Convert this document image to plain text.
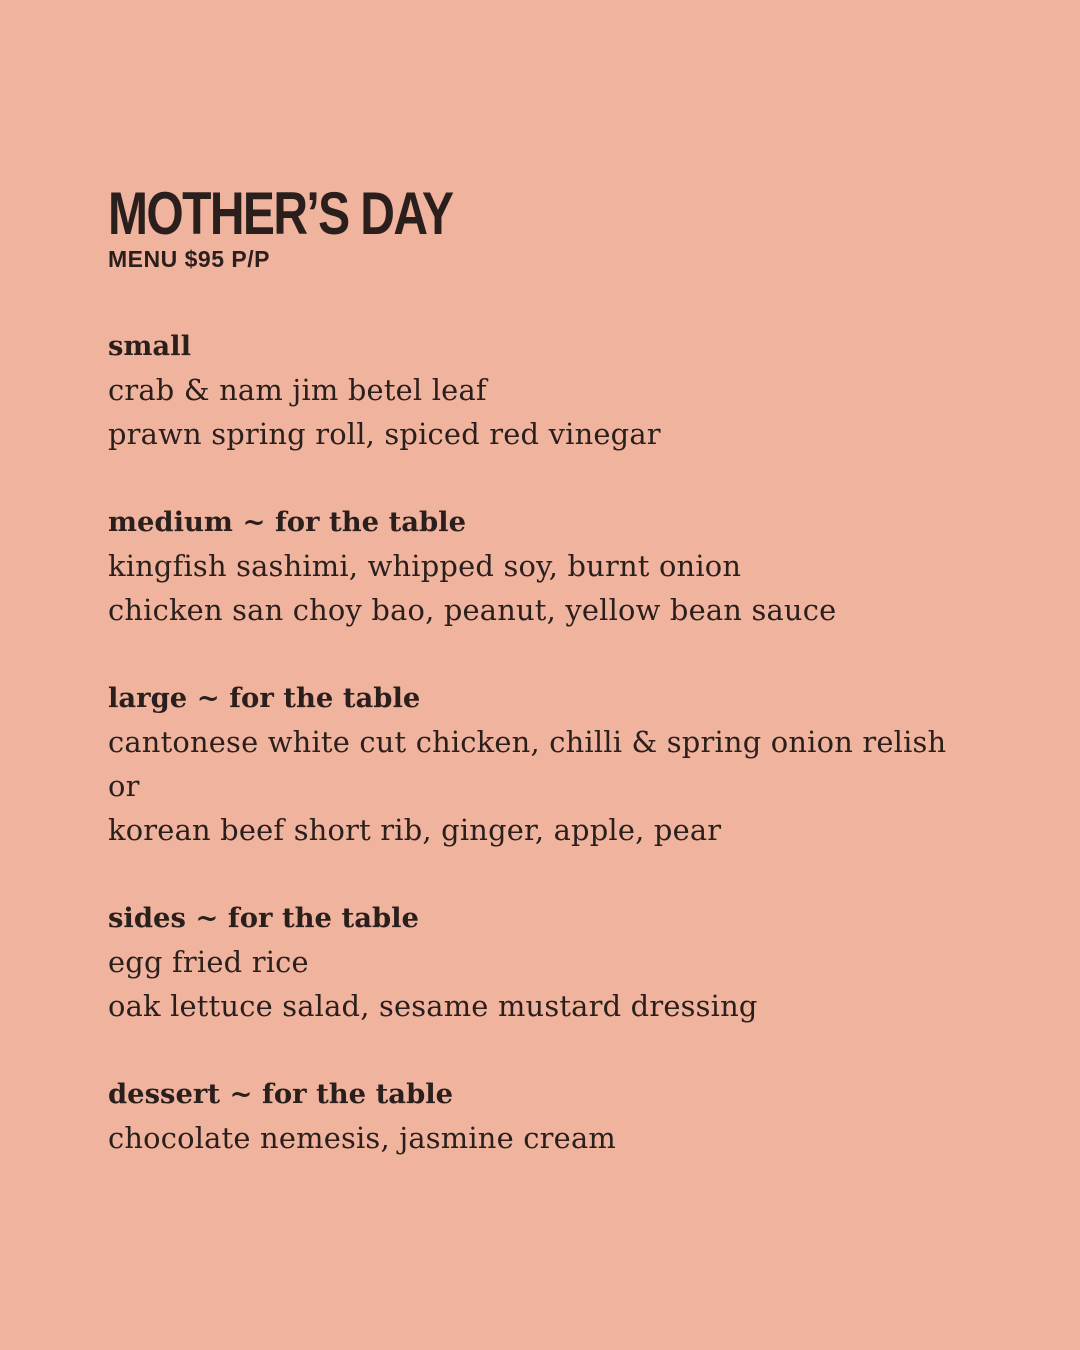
MOTHER’S DAY
MENU $95 P/P
small
crab & nam jim betel leaf
prawn spring roll, spiced red vinegar
medium ~ for the table
kingfish sashimi, whipped soy, burnt onion
chicken san choy bao, peanut, yellow bean sauce
large ~ for the table
cantonese white cut chicken, chilli & spring onion relish
or
korean beef short rib, ginger, apple, pear
sides ~ for the table
egg fried rice
oak lettuce salad, sesame mustard dressing
dessert ~ for the table
chocolate nemesis, jasmine cream
